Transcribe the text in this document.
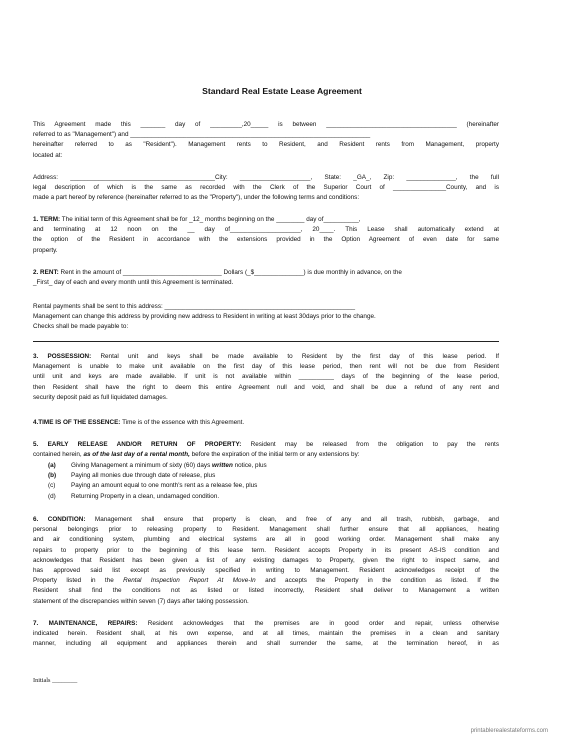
Standard Real Estate Lease Agreement
This Agreement made this _______ day of _________,20_____ is between _____________________________________ (hereinafter
referred to as "Management") and ____________________________________________________________________
hereinafter referred to as "Resident"). Management rents to Resident, and Resident rents from Management, property
located at:
Address: _________________________________________City: ____________________, State: _GA_, Zip: ______________, the full
legal description of which is the same as recorded with the Clerk of the Superior Court of _______________County, and is
made a part hereof by reference (hereinafter referred to as the "Property"), under the following terms and conditions:
1. TERM: The initial term of this Agreement shall be for _12_ months beginning on the ________ day of__________,
and terminating at 12 noon on the __ day of____________________, 20____. This Lease shall automatically extend at
the option of the Resident in accordance with the extensions provided in the Option Agreement of even date for same
property.
2. RENT: Rent in the amount of ____________________________ Dollars (_$______________) is due monthly in advance, on the
_First_ day of each and every month until this Agreement is terminated.
Rental payments shall be sent to this address: ______________________________________________________
Management can change this address by providing new address to Resident in writing at least 30days prior to the change.
Checks shall be made payable to:
3. POSSESSION: Rental unit and keys shall be made available to Resident by the first day of this lease period. If
Management is unable to make unit available on the first day of this lease period, then rent will not be due from Resident
until unit and keys are made available. If unit is not available within __________ days of the beginning of the lease period,
then Resident shall have the right to deem this entire Agreement null and void, and shall be due a refund of any rent and
security deposit paid as full liquidated damages.
4.TIME IS OF THE ESSENCE: Time is of the essence with this Agreement.
5. EARLY RELEASE AND/OR RETURN OF PROPERTY: Resident may be released from the obligation to pay the rents
contained herein, as of the last day of a rental month, before the expiration of the initial term or any extensions by:
(a) Giving Management a minimum of sixty (60) days written notice, plus
(b) Paying all monies due through date of release, plus
(c) Paying an amount equal to one month's rent as a release fee, plus
(d) Returning Property in a clean, undamaged condition.
6. CONDITION: Management shall ensure that property is clean, and free of any and all trash, rubbish, garbage, and
personal belongings prior to releasing property to Resident. Management shall further ensure that all appliances, heating
and air conditioning system, plumbing and electrical systems are all in good working order. Management shall make any
repairs to property prior to the beginning of this lease term. Resident accepts Property in its present AS-IS condition and
acknowledges that Resident has been given a list of any existing damages to Property, given the right to inspect same, and
has approved said list except as previously specified in writing to Management. Resident acknowledges receipt of the
Property listed in the Rental Inspection Report At Move-In and accepts the Property in the condition as listed. If the
Resident shall find the conditions not as listed or listed incorrectly, Resident shall deliver to Management a written
statement of the discrepancies within seven (7) days after taking possession.
7. MAINTENANCE, REPAIRS: Resident acknowledges that the premises are in good order and repair, unless otherwise
indicated herein. Resident shall, at his own expense, and at all times, maintain the premises in a clean and sanitary
manner, including all equipment and appliances therein and shall surrender the same, at the termination hereof, in as
Initials ________
printablerealestateforms.com
